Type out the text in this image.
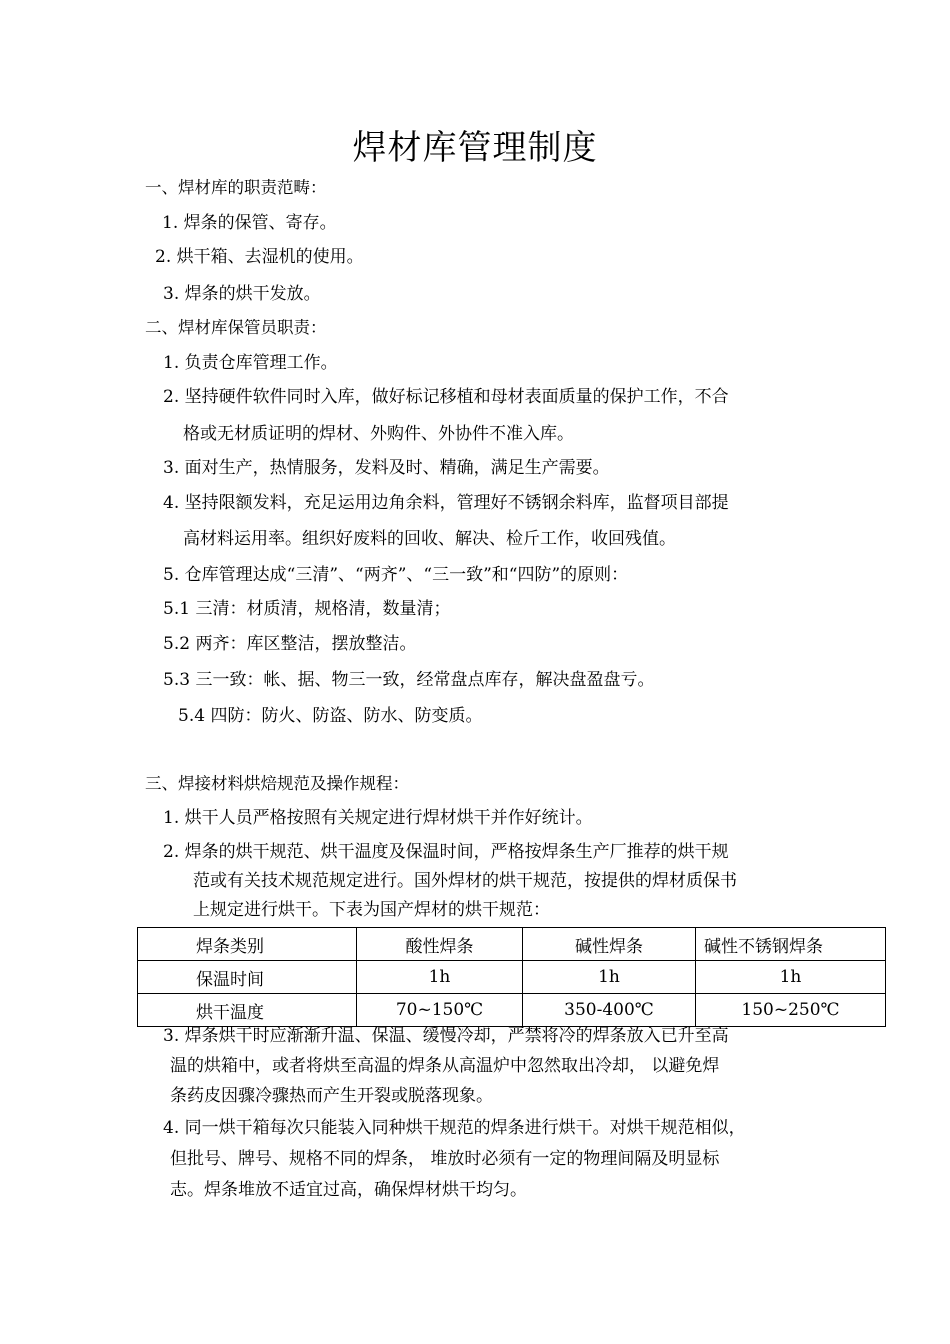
焊材库管理制度
一、焊材库的职责范畴：
1. 焊条的保管、寄存。
2. 烘干箱、去湿机的使用。
3. 焊条的烘干发放。
二、焊材库保管员职责：
1. 负责仓库管理工作。
2. 坚持硬件软件同时入库，做好标记移植和母材表面质量的保护工作，不合
格或无材质证明的焊材、外购件、外协件不准入库。
3. 面对生产，热情服务，发料及时、精确，满足生产需要。
4. 坚持限额发料，充足运用边角余料，管理好不锈钢余料库，监督项目部提
高材料运用率。组织好废料的回收、解决、检斤工作，收回残值。
5. 仓库管理达成“三清”、“两齐”、“三一致”和“四防”的原则：
5.1 三清：材质清，规格清，数量清；
5.2 两齐：库区整洁，摆放整洁。
5.3 三一致：帐、据、物三一致，经常盘点库存，解决盘盈盘亏。
5.4 四防：防火、防盗、防水、防变质。
三、焊接材料烘焙规范及操作规程：
1. 烘干人员严格按照有关规定进行焊材烘干并作好统计。
2. 焊条的烘干规范、烘干温度及保温时间，严格按焊条生产厂推荐的烘干规
范或有关技术规范规定进行。国外焊材的烘干规范，按提供的焊材质保书
上规定进行烘干。下表为国产焊材的烘干规范：
焊条类别	酸性焊条	碱性焊条	碱性不锈钢焊条
保温时间	1h	1h	1h
烘干温度	70~150℃	350-400℃	150~250℃
3. 焊条烘干时应渐渐升温、保温、缓慢冷却，严禁将冷的焊条放入已升至高
温的烘箱中，或者将烘至高温的焊条从高温炉中忽然取出冷却， 以避免焊
条药皮因骤冷骤热而产生开裂或脱落现象。
4. 同一烘干箱每次只能装入同种烘干规范的焊条进行烘干。对烘干规范相似，
但批号、牌号、规格不同的焊条， 堆放时必须有一定的物理间隔及明显标
志。焊条堆放不适宜过高，确保焊材烘干均匀。
